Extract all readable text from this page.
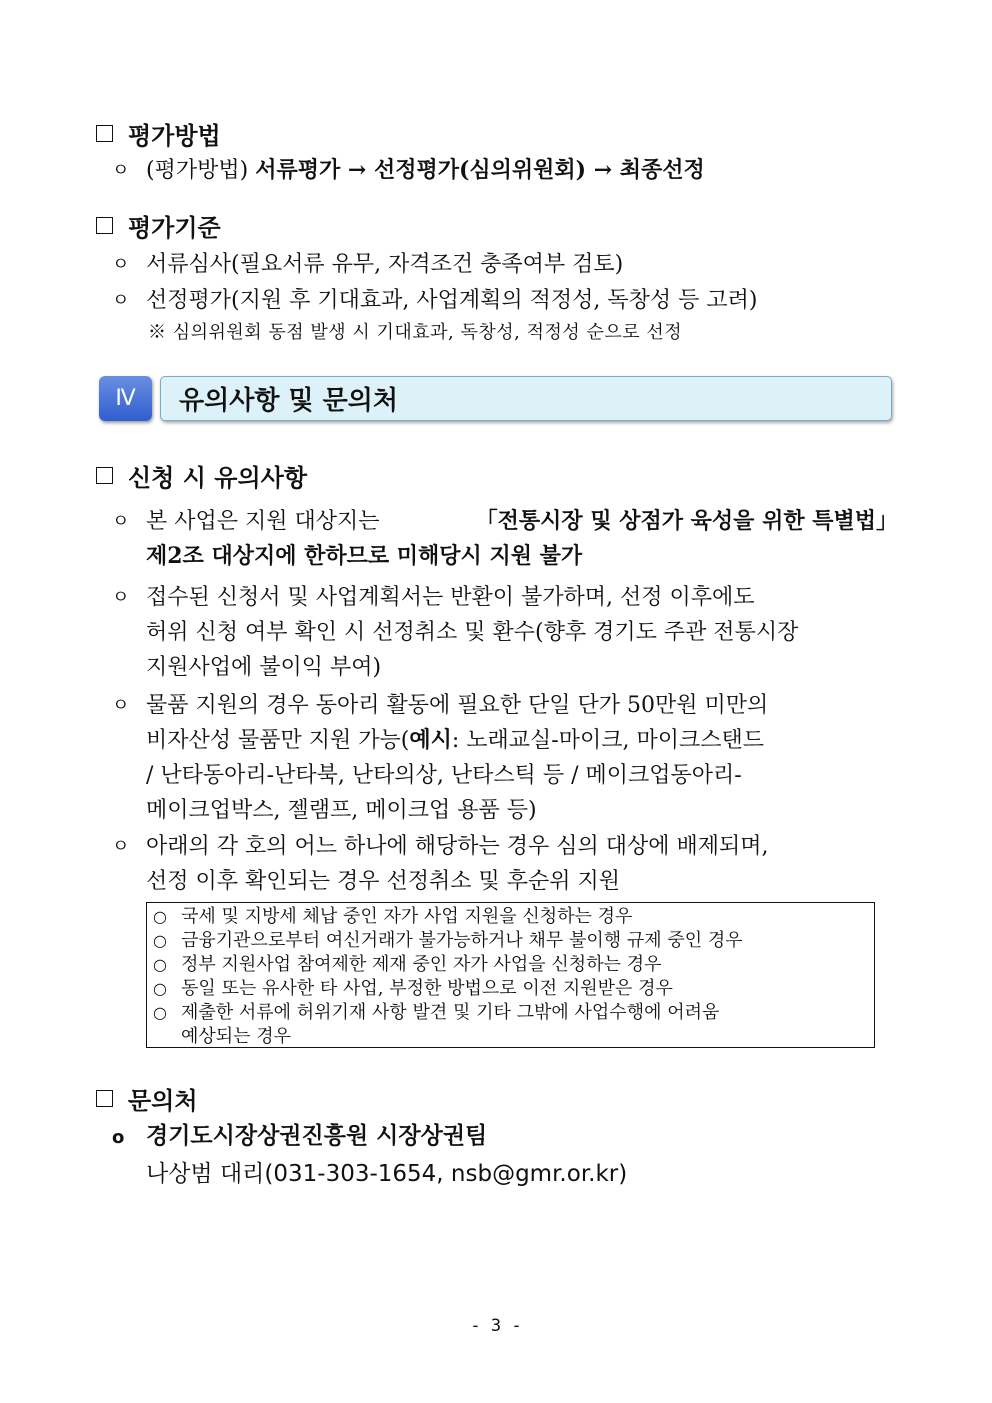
평가방법
ㅇ (평가방법) 서류평가 → 선정평가(심의위원회) → 최종선정
평가기준
ㅇ 서류심사(필요서류 유무, 자격조건 충족여부 검토)
ㅇ 선정평가(지원 후 기대효과, 사업계획의 적정성, 독창성 등 고려)
※ 심의위원회 동점 발생 시 기대효과, 독창성, 적정성 순으로 선정
Ⅳ	유의사항 및 문의처
신청 시 유의사항
ㅇ 본 사업은 지원 대상지는	「전통시장 및 상점가 육성을 위한 특별법」
제2조 대상지에 한하므로 미해당시 지원 불가
ㅇ 접수된 신청서 및 사업계획서는 반환이 불가하며, 선정 이후에도
허위 신청 여부 확인 시 선정취소 및 환수(향후 경기도 주관 전통시장
지원사업에 불이익 부여)
ㅇ 물품 지원의 경우 동아리 활동에 필요한 단일 단가 50만원 미만의
비자산성 물품만 지원 가능(예시: 노래교실-마이크, 마이크스탠드
/ 난타동아리-난타북, 난타의상, 난타스틱 등 / 메이크업동아리-
메이크업박스, 젤램프, 메이크업 용품 등)
ㅇ 아래의 각 호의 어느 하나에 해당하는 경우 심의 대상에 배제되며,
선정 이후 확인되는 경우 선정취소 및 후순위 지원
○ 국세 및 지방세 체납 중인 자가 사업 지원을 신청하는 경우
○ 금융기관으로부터 여신거래가 불가능하거나 채무 불이행 규제 중인 경우
○ 정부 지원사업 참여제한 제재 중인 자가 사업을 신청하는 경우
○ 동일 또는 유사한 타 사업, 부정한 방법으로 이전 지원받은 경우
○ 제출한 서류에 허위기재 사항 발견 및 기타 그밖에 사업수행에 어려움
예상되는 경우
문의처
o 경기도시장상권진흥원 시장상권팀
나상범 대리(031-303-1654, nsb@gmr.or.kr)
- 3 -
